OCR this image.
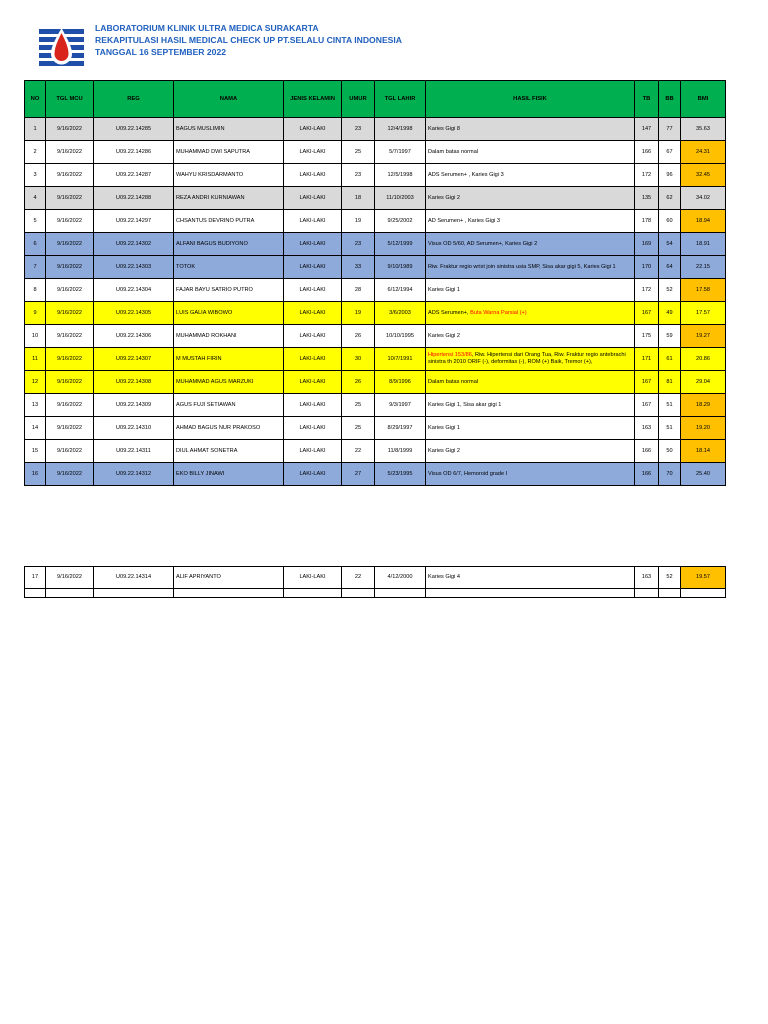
LABORATORIUM KLINIK ULTRA MEDICA SURAKARTA
REKAPITULASI HASIL MEDICAL CHECK UP PT.SELALU CINTA INDONESIA
TANGGAL 16 SEPTEMBER 2022
NO	TGL MCU	REG	NAMA	JENIS KELAMIN	UMUR	TGL LAHIR	HASIL FISIK	TB	BB	BMI
1	9/16/2022	U09.22.14285	BAGUS MUSLIMIN	LAKI-LAKI	23	12/4/1998	Karies Gigi 8	147	77	35.63
2	9/16/2022	U09.22.14286	MUHAMMAD DWI SAPUTRA	LAKI-LAKI	25	5/7/1997	Dalam batas normal	166	67	24.31
3	9/16/2022	U09.22.14287	WAHYU KRISDARMANTO	LAKI-LAKI	23	12/5/1998	ADS Serumen+ , Karies Gigi 3	172	96	32.45
4	9/16/2022	U09.22.14288	REZA ANDRI KURNIAWAN	LAKI-LAKI	18	11/10/2003	Karies Gigi 2	135	62	34.02
5	9/16/2022	U09.22.14297	CHSANTUS DEVRINO PUTRA	LAKI-LAKI	19	9/25/2002	AD Serumen+ , Karies Gigi 3	178	60	18.94
6	9/16/2022	U09.22.14302	ALFANI BAGUS BUDIYONO	LAKI-LAKI	23	5/12/1999	Visus OD 5/60, AD Serumen+, Karies Gigi 2	169	54	18.91
7	9/16/2022	U09.22.14303	TOTOK	LAKI-LAKI	33	9/10/1989	Riw. Fraktur regio wrist join sinistra usia SMP, Sisa akar gigi 5, Karies Gigi 1	170	64	22.15
8	9/16/2022	U09.22.14304	FAJAR BAYU SATRIO PUTRO	LAKI-LAKI	28	6/12/1994	Karies Gigi 1	172	52	17.58
9	9/16/2022	U09.22.14305	LUIS GALIA WIBOWO	LAKI-LAKI	19	3/6/2003	ADS Serumen+, Buta Warna Parsial (+)	167	49	17.57
10	9/16/2022	U09.22.14306	MUHAMMAD ROKHANI	LAKI-LAKI	26	10/10/1995	Karies Gigi 2	175	59	19.27
11	9/16/2022	U09.22.14307	M MUSTAH FIRIN	LAKI-LAKI	30	10/7/1991	Hipertensi 153/86, Riw. Hipertensi dari Orang Tua, Riw. Fraktur regio antebrachi sinistra th 2010 ORIF (-), deformitas (-), ROM (+) Baik, Tremor (+),	171	61	20.86
12	9/16/2022	U09.22.14308	MUHAMMAD AGUS MARZUKI	LAKI-LAKI	26	8/9/1996	Dalam batas normal	167	81	29.04
13	9/16/2022	U09.22.14309	AGUS FUJI SETIAWAN	LAKI-LAKI	25	9/3/1997	Karies Gigi 1, Sisa akar gigi 1	167	51	18.29
14	9/16/2022	U09.22.14310	AHMAD BAGUS NUR PRAKOSO	LAKI-LAKI	25	8/29/1997	Karies Gigi 1	163	51	19.20
15	9/16/2022	U09.22.14311	DIUL AHMAT SONETRA	LAKI-LAKI	22	11/8/1999	Karies Gigi 2	166	50	18.14
16	9/16/2022	U09.22.14312	EKO BILLY JINAWI	LAKI-LAKI	27	5/23/1995	Visus OD 6/7, Hemoroid grade I	166	70	25.40
17	9/16/2022	U09.22.14314	ALIF APRIYANTO	LAKI-LAKI	22	4/12/2000	Karies Gigi 4	163	52	19.57
